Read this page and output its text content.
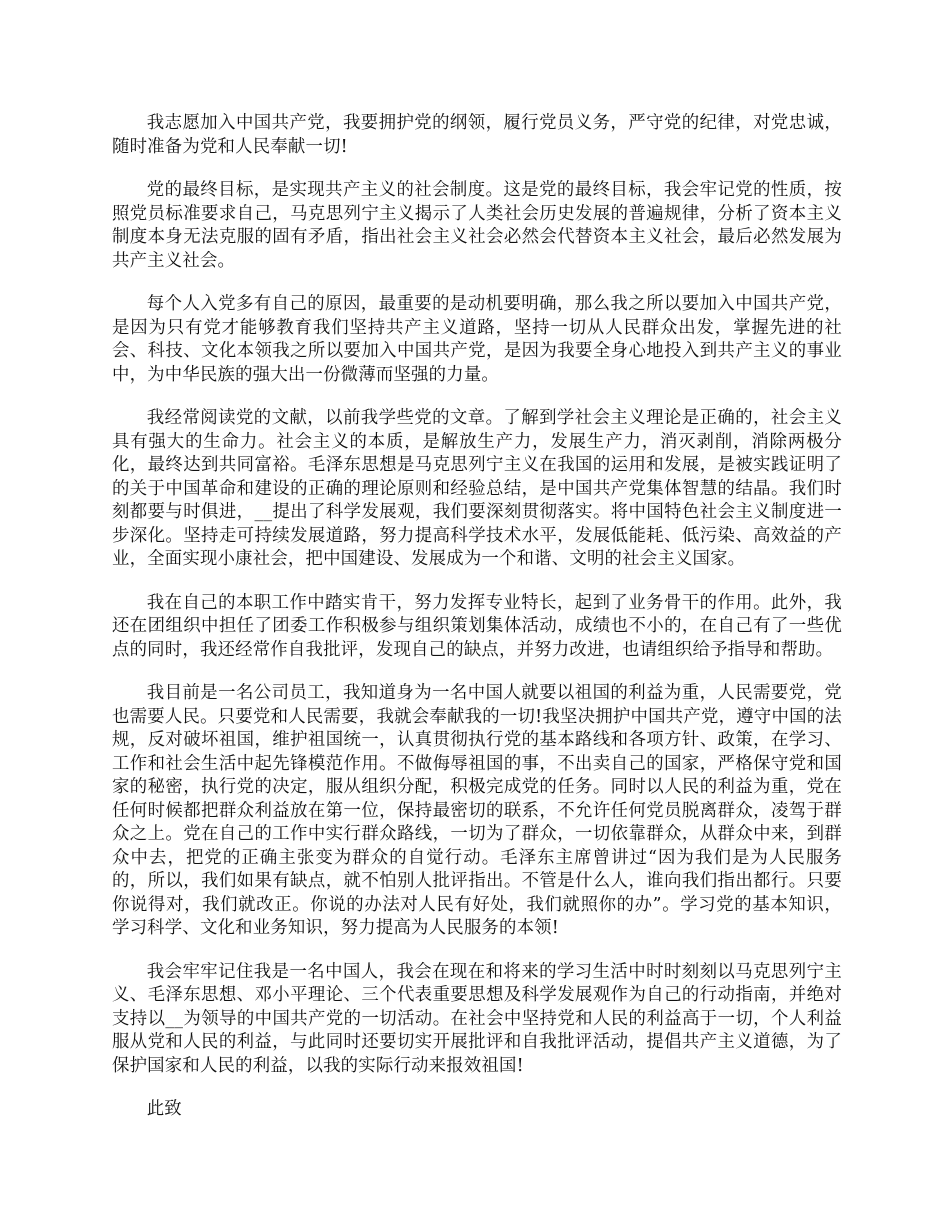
我志愿加入中国共产党，我要拥护党的纲领，履行党员义务，严守党的纪律，对党忠诚，随时准备为党和人民奉献一切!

党的最终目标，是实现共产主义的社会制度。这是党的最终目标，我会牢记党的性质，按照党员标准要求自己，马克思列宁主义揭示了人类社会历史发展的普遍规律，分析了资本主义制度本身无法克服的固有矛盾，指出社会主义社会必然会代替资本主义社会，最后必然发展为共产主义社会。

每个人入党多有自己的原因，最重要的是动机要明确，那么我之所以要加入中国共产党，是因为只有党才能够教育我们坚持共产主义道路，坚持一切从人民群众出发，掌握先进的社会、科技、文化本领我之所以要加入中国共产党，是因为我要全身心地投入到共产主义的事业中，为中华民族的强大出一份微薄而坚强的力量。

我经常阅读党的文献，以前我学些党的文章。了解到学社会主义理论是正确的，社会主义具有强大的生命力。社会主义的本质，是解放生产力，发展生产力，消灭剥削，消除两极分化，最终达到共同富裕。毛泽东思想是马克思列宁主义在我国的运用和发展，是被实践证明了的关于中国革命和建设的正确的理论原则和经验总结，是中国共产党集体智慧的结晶。我们时刻都要与时俱进，__提出了科学发展观，我们要深刻贯彻落实。将中国特色社会主义制度进一步深化。坚持走可持续发展道路，努力提高科学技术水平，发展低能耗、低污染、高效益的产业，全面实现小康社会，把中国建设、发展成为一个和谐、文明的社会主义国家。

我在自己的本职工作中踏实肯干，努力发挥专业特长，起到了业务骨干的作用。此外，我还在团组织中担任了团委工作积极参与组织策划集体活动，成绩也不小的，在自己有了一些优点的同时，我还经常作自我批评，发现自己的缺点，并努力改进，也请组织给予指导和帮助。

我目前是一名公司员工，我知道身为一名中国人就要以祖国的利益为重，人民需要党，党也需要人民。只要党和人民需要，我就会奉献我的一切!我坚决拥护中国共产党，遵守中国的法规，反对破坏祖国，维护祖国统一，认真贯彻执行党的基本路线和各项方针、政策，在学习、工作和社会生活中起先锋模范作用。不做侮辱祖国的事，不出卖自己的国家，严格保守党和国家的秘密，执行党的决定，服从组织分配，积极完成党的任务。同时以人民的利益为重，党在任何时候都把群众利益放在第一位，保持最密切的联系，不允许任何党员脱离群众，凌驾于群众之上。党在自己的工作中实行群众路线，一切为了群众，一切依靠群众，从群众中来，到群众中去，把党的正确主张变为群众的自觉行动。毛泽东主席曾讲过“因为我们是为人民服务的，所以，我们如果有缺点，就不怕别人批评指出。不管是什么人，谁向我们指出都行。只要你说得对，我们就改正。你说的办法对人民有好处，我们就照你的办”。学习党的基本知识，学习科学、文化和业务知识，努力提高为人民服务的本领!

我会牢牢记住我是一名中国人，我会在现在和将来的学习生活中时时刻刻以马克思列宁主义、毛泽东思想、邓小平理论、三个代表重要思想及科学发展观作为自己的行动指南，并绝对支持以__为领导的中国共产党的一切活动。在社会中坚持党和人民的利益高于一切，个人利益服从党和人民的利益，与此同时还要切实开展批评和自我批评活动，提倡共产主义道德，为了保护国家和人民的利益，以我的实际行动来报效祖国!

此致
